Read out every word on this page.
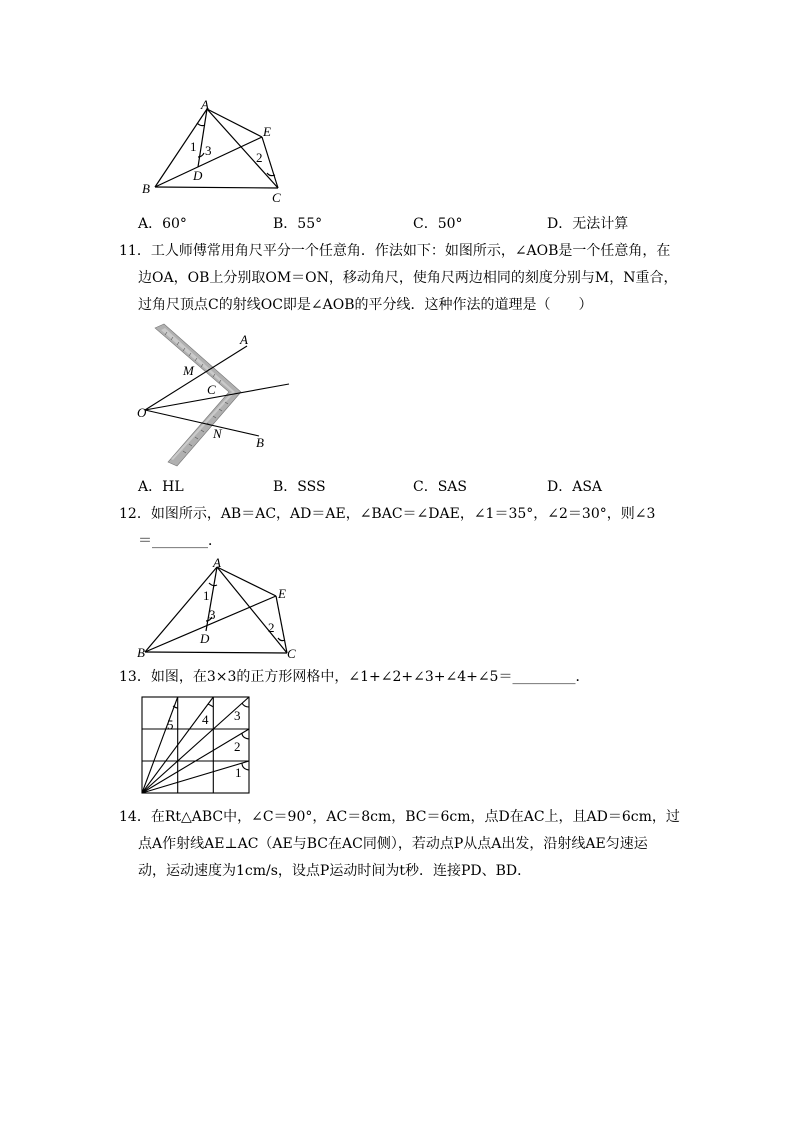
A
E
B
C
D
1 3	2
A．60°	B．55°	C．50°	D．无法计算
11．工人师傅常用角尺平分一个任意角．作法如下：如图所示，∠AOB是一个任意角，在
边OA，OB上分别取OM＝ON，移动角尺，使角尺两边相同的刻度分别与M，N重合，
过角尺顶点C的射线OC即是∠AOB的平分线．这种作法的道理是（　　）
A
M
C
O
N
B
A．HL	B．SSS	C．SAS	D．ASA
12．如图所示，AB＝AC，AD＝AE，∠BAC＝∠DAE，∠1＝35°，∠2＝30°，则∠3
＝________．
A
E
B	C
D
1
3
2
13．如图，在3×3的正方形网格中，∠1+∠2+∠3+∠4+∠5＝_________．
1
2
3
4
5
14．在Rt△ABC中，∠C＝90°，AC＝8cm，BC＝6cm，点D在AC上，且AD＝6cm，过
点A作射线AE⊥AC（AE与BC在AC同侧），若动点P从点A出发，沿射线AE匀速运
动，运动速度为1cm/s，设点P运动时间为t秒．连接PD、BD．
